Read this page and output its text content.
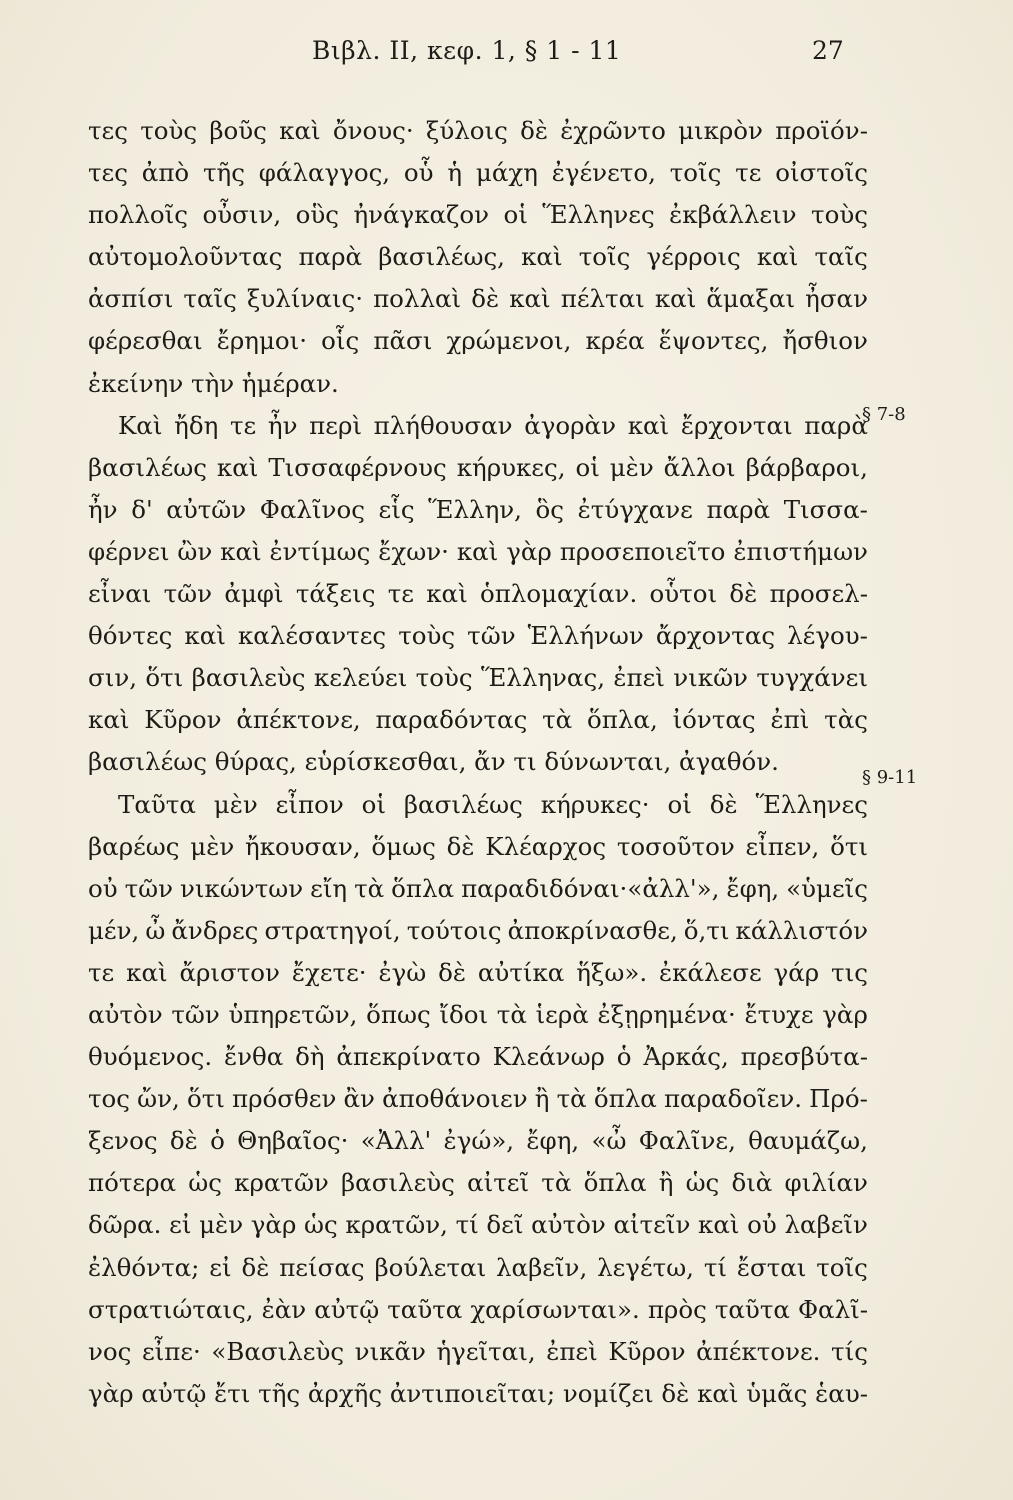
Βιβλ. ΙΙ, κεφ. 1, § 1 - 11	27
τες τοὺς βοῦς καὶ ὄνους· ξύλοις δὲ ἐχρῶντο μικρὸν προϊόν-
τες ἀπὸ τῆς φάλαγγος, οὗ ἡ μάχη ἐγένετο, τοῖς τε οἰστοῖς
πολλοῖς οὖσιν, οὓς ἠνάγκαζον οἱ Ἕλληνες ἐκβάλλειν τοὺς
αὐτομολοῦντας παρὰ βασιλέως, καὶ τοῖς γέρροις καὶ ταῖς
ἀσπίσι ταῖς ξυλίναις· πολλαὶ δὲ καὶ πέλται καὶ ἅμαξαι ἦσαν
φέρεσθαι ἔρημοι· οἷς πᾶσι χρώμενοι, κρέα ἕψοντες, ἤσθιον
ἐκείνην τὴν ἡμέραν.
Καὶ ἤδη τε ἦν περὶ πλήθουσαν ἀγορὰν καὶ ἔρχονται παρὰ
βασιλέως καὶ Τισσαφέρνους κήρυκες, οἱ μὲν ἄλλοι βάρβαροι,
ἦν δ' αὐτῶν Φαλῖνος εἷς Ἕλλην, ὃς ἐτύγχανε παρὰ Τισσα-
φέρνει ὢν καὶ ἐντίμως ἔχων· καὶ γὰρ προσεποιεῖτο ἐπιστήμων
εἶναι τῶν ἀμφὶ τάξεις τε καὶ ὁπλομαχίαν. οὗτοι δὲ προσελ-
θόντες καὶ καλέσαντες τοὺς τῶν Ἑλλήνων ἄρχοντας λέγου-
σιν, ὅτι βασιλεὺς κελεύει τοὺς Ἕλληνας, ἐπεὶ νικῶν τυγχάνει
καὶ Κῦρον ἀπέκτονε, παραδόντας τὰ ὅπλα, ἰόντας ἐπὶ τὰς
βασιλέως θύρας, εὑρίσκεσθαι, ἄν τι δύνωνται, ἀγαθόν.
Ταῦτα μὲν εἶπον οἱ βασιλέως κήρυκες· οἱ δὲ Ἕλληνες
βαρέως μὲν ἤκουσαν, ὅμως δὲ Κλέαρχος τοσοῦτον εἶπεν, ὅτι
οὐ τῶν νικώντων εἴη τὰ ὅπλα παραδιδόναι·«ἀλλ'», ἔφη, «ὑμεῖς
μέν, ὦ ἄνδρες στρατηγοί, τούτοις ἀποκρίνασθε, ὅ,τι κάλλιστόν
τε καὶ ἄριστον ἔχετε· ἐγὼ δὲ αὐτίκα ἥξω». ἐκάλεσε γάρ τις
αὐτὸν τῶν ὑπηρετῶν, ὅπως ἴδοι τὰ ἱερὰ ἐξῃρημένα· ἔτυχε γὰρ
θυόμενος. ἔνθα δὴ ἀπεκρίνατο Κλεάνωρ ὁ Ἀρκάς, πρεσβύτα-
τος ὤν, ὅτι πρόσθεν ἂν ἀποθάνοιεν ἢ τὰ ὅπλα παραδοῖεν. Πρό-
ξενος δὲ ὁ Θηβαῖος· «Ἀλλ' ἐγώ», ἔφη, «ὦ Φαλῖνε, θαυμάζω,
πότερα ὡς κρατῶν βασιλεὺς αἰτεῖ τὰ ὅπλα ἢ ὡς διὰ φιλίαν
δῶρα. εἰ μὲν γὰρ ὡς κρατῶν, τί δεῖ αὐτὸν αἰτεῖν καὶ οὐ λαβεῖν
ἐλθόντα; εἰ δὲ πείσας βούλεται λαβεῖν, λεγέτω, τί ἔσται τοῖς
στρατιώταις, ἐὰν αὐτῷ ταῦτα χαρίσωνται». πρὸς ταῦτα Φαλῖ-
νος εἶπε· «Βασιλεὺς νικᾶν ἡγεῖται, ἐπεὶ Κῦρον ἀπέκτονε. τίς
γὰρ αὐτῷ ἔτι τῆς ἀρχῆς ἀντιποιεῖται; νομίζει δὲ καὶ ὑμᾶς ἑαυ-
§ 7-8
§ 9-11
